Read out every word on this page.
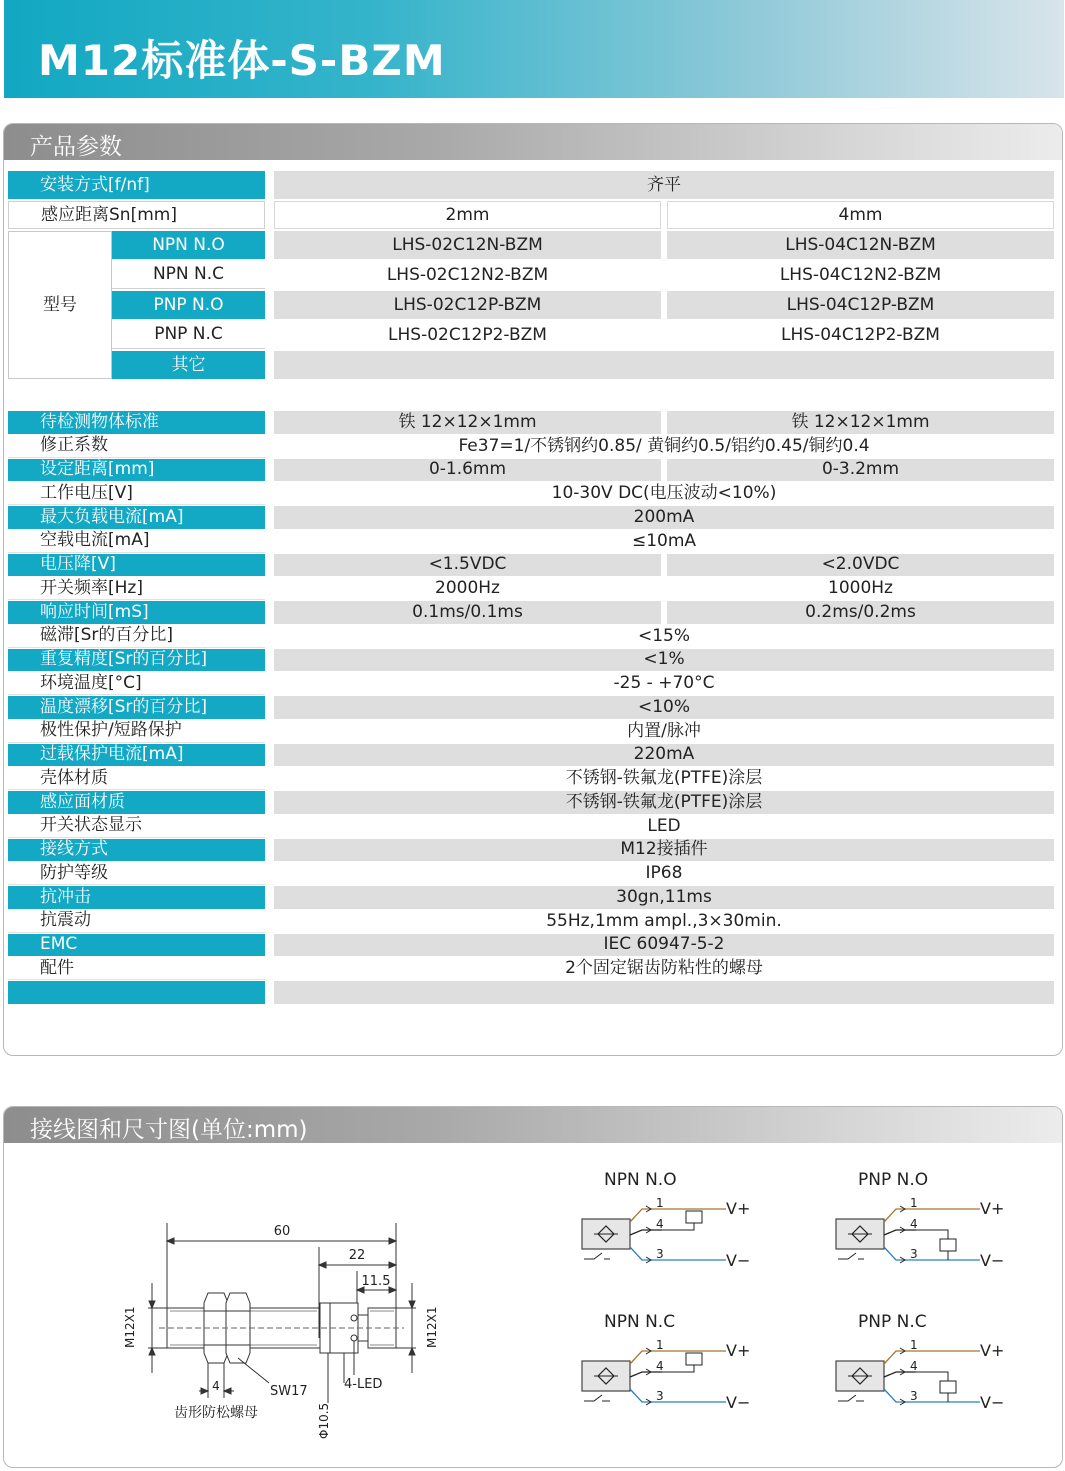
M12标准体-S-BZM
产品参数
安装方式[f/nf]	齐平
感应距离Sn[mm]	2mm	4mm
型号
NPN N.O	LHS-02C12N-BZM	LHS-04C12N-BZM
NPN N.C	LHS-02C12N2-BZM	LHS-04C12N2-BZM
PNP N.O	LHS-02C12P-BZM	LHS-04C12P-BZM
PNP N.C	LHS-02C12P2-BZM	LHS-04C12P2-BZM
其它
待检测物体标准	铁 12×12×1mm	铁 12×12×1mm
修正系数	Fe37=1/不锈钢约0.85/ 黄铜约0.5/铝约0.45/铜约0.4
设定距离[mm]	0-1.6mm	0-3.2mm
工作电压[V]	10-30V DC(电压波动<10%)
最大负载电流[mA]	200mA
空载电流[mA]	≤10mA
电压降[V]	<1.5VDC	<2.0VDC
开关频率[Hz]	2000Hz	1000Hz
响应时间[mS]	0.1ms/0.1ms	0.2ms/0.2ms
磁滞[Sr的百分比]	<15%
重复精度[Sr的百分比]	<1%
环境温度[°C]	-25 - +70°C
温度漂移[Sr的百分比]	<10%
极性保护/短路保护	内置/脉冲
过载保护电流[mA]	220mA
壳体材质	不锈钢-铁氟龙(PTFE)涂层
感应面材质	不锈钢-铁氟龙(PTFE)涂层
开关状态显示	LED
接线方式	M12接插件
防护等级	IP68
抗冲击	30gn,11ms
抗震动	55Hz,1mm ampl.,3×30min.
EMC	IEC 60947-5-2
配件	2个固定锯齿防粘性的螺母
接线图和尺寸图(单位:mm)
60
22
11.5
M12X1	M12X1
4	SW17
Φ10.5
4-LED
齿形防松螺母
NPN N.O
1
4
3
V+
V−
PNP N.O
1
4
3
V+
V−
NPN N.C
1
4
3
V+
V−
PNP N.C
1
4
3
V+
V−
